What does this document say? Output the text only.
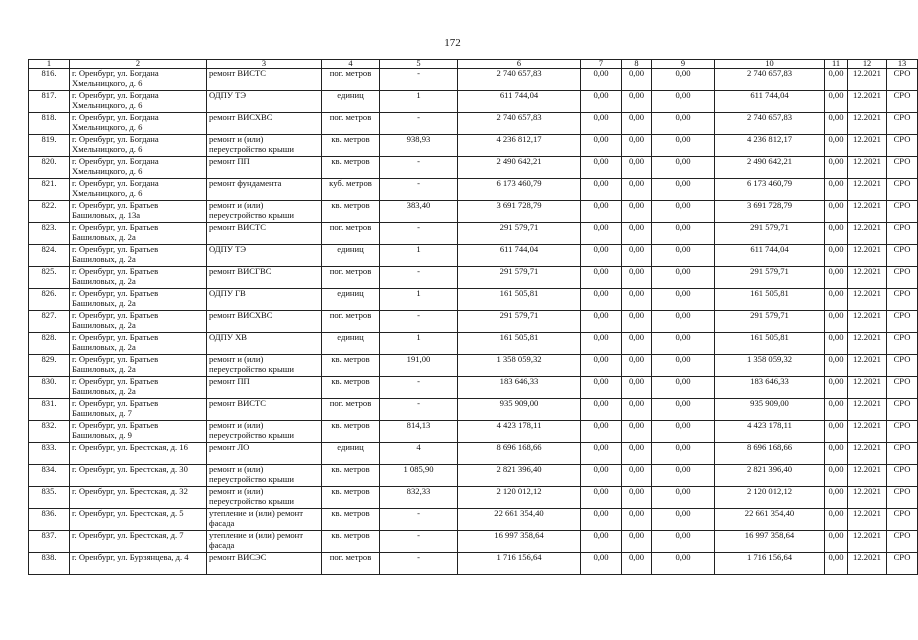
172
1	2	3	4	5	6	7	8	9	10	11	12	13
816.	г. Оренбург, ул. Богдана Хмельницкого, д. 6	ремонт ВИСТС	пог. метров	-	2 740 657,83	0,00	0,00	0,00	2 740 657,83	0,00	12.2021	СРО
817.	г. Оренбург, ул. Богдана Хмельницкого, д. 6	ОДПУ ТЭ	единиц	1	611 744,04	0,00	0,00	0,00	611 744,04	0,00	12.2021	СРО
818.	г. Оренбург, ул. Богдана Хмельницкого, д. 6	ремонт ВИСХВС	пог. метров	-	2 740 657,83	0,00	0,00	0,00	2 740 657,83	0,00	12.2021	СРО
819.	г. Оренбург, ул. Богдана Хмельницкого, д. 6	ремонт и (или) переустройство крыши	кв. метров	938,93	4 236 812,17	0,00	0,00	0,00	4 236 812,17	0,00	12.2021	СРО
820.	г. Оренбург, ул. Богдана Хмельницкого, д. 6	ремонт ПП	кв. метров	-	2 490 642,21	0,00	0,00	0,00	2 490 642,21	0,00	12.2021	СРО
821.	г. Оренбург, ул. Богдана Хмельницкого, д. 6	ремонт фундамента	куб. метров	-	6 173 460,79	0,00	0,00	0,00	6 173 460,79	0,00	12.2021	СРО
822.	г. Оренбург, ул. Братьев Башиловых, д. 13а	ремонт и (или) переустройство крыши	кв. метров	383,40	3 691 728,79	0,00	0,00	0,00	3 691 728,79	0,00	12.2021	СРО
823.	г. Оренбург, ул. Братьев Башиловых, д. 2а	ремонт ВИСТС	пог. метров	-	291 579,71	0,00	0,00	0,00	291 579,71	0,00	12.2021	СРО
824.	г. Оренбург, ул. Братьев Башиловых, д. 2а	ОДПУ ТЭ	единиц	1	611 744,04	0,00	0,00	0,00	611 744,04	0,00	12.2021	СРО
825.	г. Оренбург, ул. Братьев Башиловых, д. 2а	ремонт ВИСГВС	пог. метров	-	291 579,71	0,00	0,00	0,00	291 579,71	0,00	12.2021	СРО
826.	г. Оренбург, ул. Братьев Башиловых, д. 2а	ОДПУ ГВ	единиц	1	161 505,81	0,00	0,00	0,00	161 505,81	0,00	12.2021	СРО
827.	г. Оренбург, ул. Братьев Башиловых, д. 2а	ремонт ВИСХВС	пог. метров	-	291 579,71	0,00	0,00	0,00	291 579,71	0,00	12.2021	СРО
828.	г. Оренбург, ул. Братьев Башиловых, д. 2а	ОДПУ ХВ	единиц	1	161 505,81	0,00	0,00	0,00	161 505,81	0,00	12.2021	СРО
829.	г. Оренбург, ул. Братьев Башиловых, д. 2а	ремонт и (или) переустройство крыши	кв. метров	191,00	1 358 059,32	0,00	0,00	0,00	1 358 059,32	0,00	12.2021	СРО
830.	г. Оренбург, ул. Братьев Башиловых, д. 2а	ремонт ПП	кв. метров	-	183 646,33	0,00	0,00	0,00	183 646,33	0,00	12.2021	СРО
831.	г. Оренбург, ул. Братьев Башиловых, д. 7	ремонт ВИСТС	пог. метров	-	935 909,00	0,00	0,00	0,00	935 909,00	0,00	12.2021	СРО
832.	г. Оренбург, ул. Братьев Башиловых, д. 9	ремонт и (или) переустройство крыши	кв. метров	814,13	4 423 178,11	0,00	0,00	0,00	4 423 178,11	0,00	12.2021	СРО
833.	г. Оренбург, ул. Брестская, д. 16	ремонт ЛО	единиц	4	8 696 168,66	0,00	0,00	0,00	8 696 168,66	0,00	12.2021	СРО
834.	г. Оренбург, ул. Брестская, д. 30	ремонт и (или) переустройство крыши	кв. метров	1 085,90	2 821 396,40	0,00	0,00	0,00	2 821 396,40	0,00	12.2021	СРО
835.	г. Оренбург, ул. Брестская, д. 32	ремонт и (или) переустройство крыши	кв. метров	832,33	2 120 012,12	0,00	0,00	0,00	2 120 012,12	0,00	12.2021	СРО
836.	г. Оренбург, ул. Брестская, д. 5	утепление и (или) ремонт фасада	кв. метров	-	22 661 354,40	0,00	0,00	0,00	22 661 354,40	0,00	12.2021	СРО
837.	г. Оренбург, ул. Брестская, д. 7	утепление и (или) ремонт фасада	кв. метров	-	16 997 358,64	0,00	0,00	0,00	16 997 358,64	0,00	12.2021	СРО
838.	г. Оренбург, ул. Бурзянцева, д. 4	ремонт ВИСЭС	пог. метров	-	1 716 156,64	0,00	0,00	0,00	1 716 156,64	0,00	12.2021	СРО
